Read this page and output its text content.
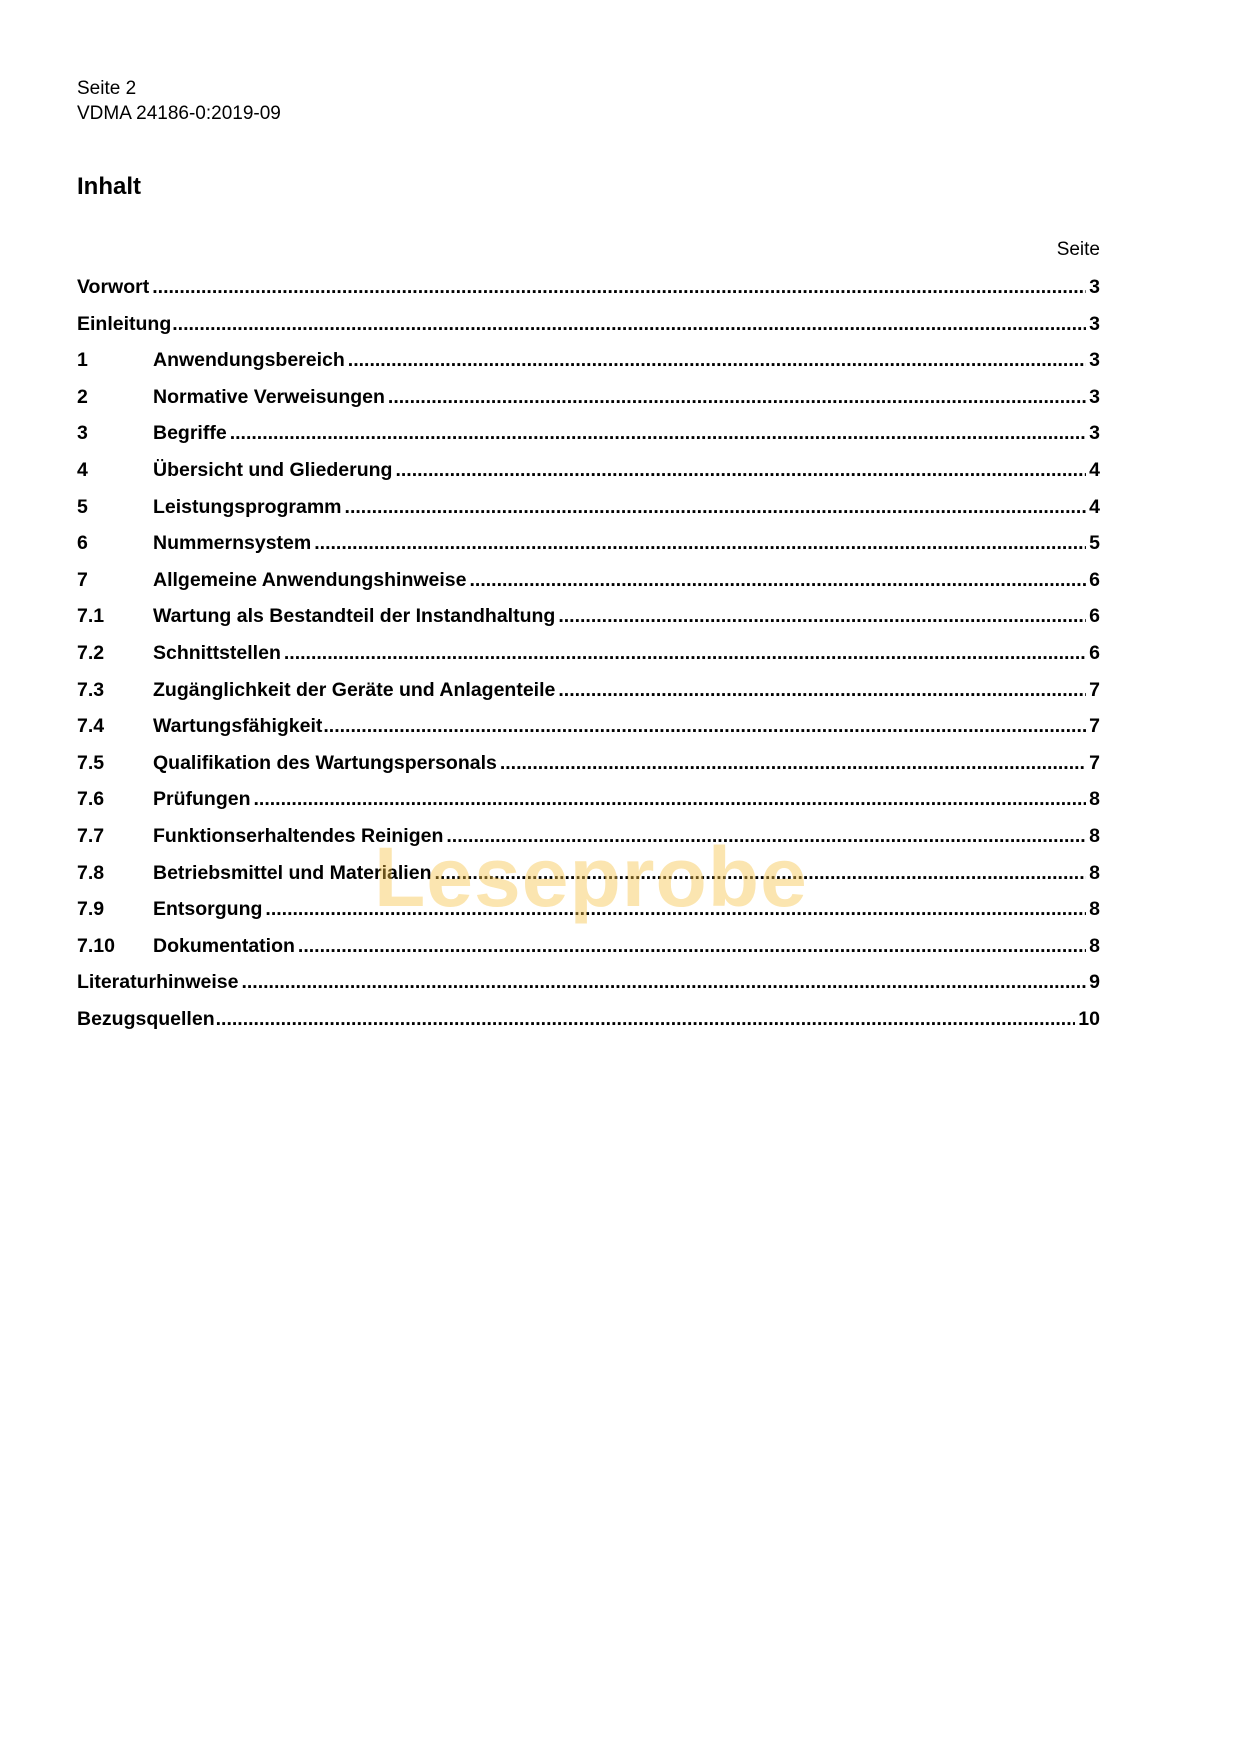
Seite 2
VDMA 24186-0:2019-09
Inhalt
Seite
Vorwort .....	3
Einleitung .....	3
1	Anwendungsbereich .....	3
2	Normative Verweisungen .....	3
3	Begriffe .....	3
4	Übersicht und Gliederung .....	4
5	Leistungsprogramm .....	4
6	Nummernsystem .....	5
7	Allgemeine Anwendungshinweise .....	6
7.1	Wartung als Bestandteil der Instandhaltung .....	6
7.2	Schnittstellen .....	6
7.3	Zugänglichkeit der Geräte und Anlagenteile .....	7
7.4	Wartungsfähigkeit .....	7
7.5	Qualifikation des Wartungspersonals .....	7
7.6	Prüfungen .....	8
7.7	Funktionserhaltendes Reinigen .....	8
7.8	Betriebsmittel und Materialien .....	8
7.9	Entsorgung .....	8
7.10	Dokumentation .....	8
Literaturhinweise .....	9
Bezugsquellen .....	10
Leseprobe
